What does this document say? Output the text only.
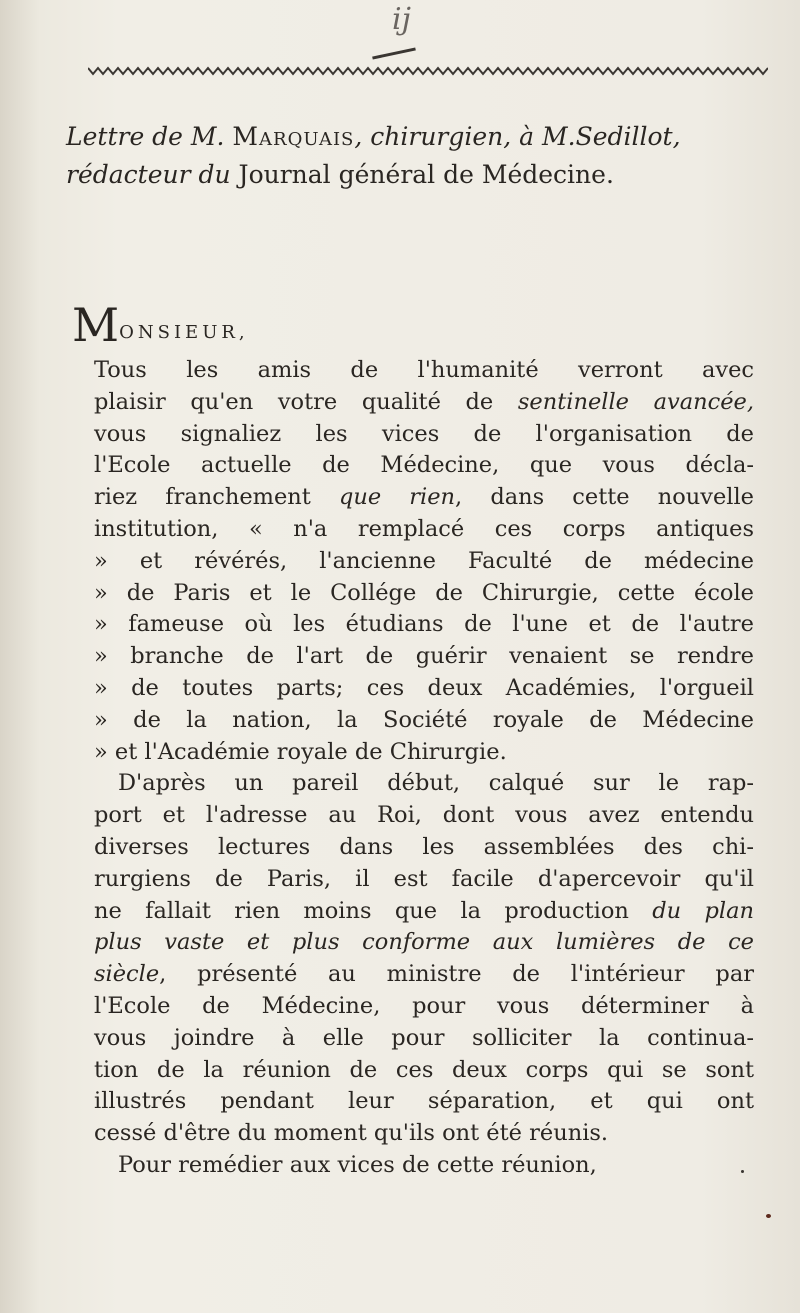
ij
Lettre de M. Marquais, chirurgien, à M.Sedillot,
rédacteur du Journal général de Médecine.
MONSIEUR,
Tous les amis de l'humanité verront avec
plaisir qu'en votre qualité de sentinelle avancée,
vous signaliez les vices de l'organisation de
l'Ecole actuelle de Médecine, que vous décla-
riez franchement que rien, dans cette nouvelle
institution, « n'a remplacé ces corps antiques
» et révérés, l'ancienne Faculté de médecine
» de Paris et le Collége de Chirurgie, cette école
» fameuse où les étudians de l'une et de l'autre
» branche de l'art de guérir venaient se rendre
» de toutes parts; ces deux Académies, l'orgueil
» de la nation, la Société royale de Médecine
» et l'Académie royale de Chirurgie.
D'après un pareil début, calqué sur le rap-
port et l'adresse au Roi, dont vous avez entendu
diverses lectures dans les assemblées des chi-
rurgiens de Paris, il est facile d'apercevoir qu'il
ne fallait rien moins que la production du plan
plus vaste et plus conforme aux lumières de ce
siècle, présenté au ministre de l'intérieur par
l'Ecole de Médecine, pour vous déterminer à
vous joindre à elle pour solliciter la continua-
tion de la réunion de ces deux corps qui se sont
illustrés pendant leur séparation, et qui ont
cessé d'être du moment qu'ils ont été réunis.
Pour remédier aux vices de cette réunion,
